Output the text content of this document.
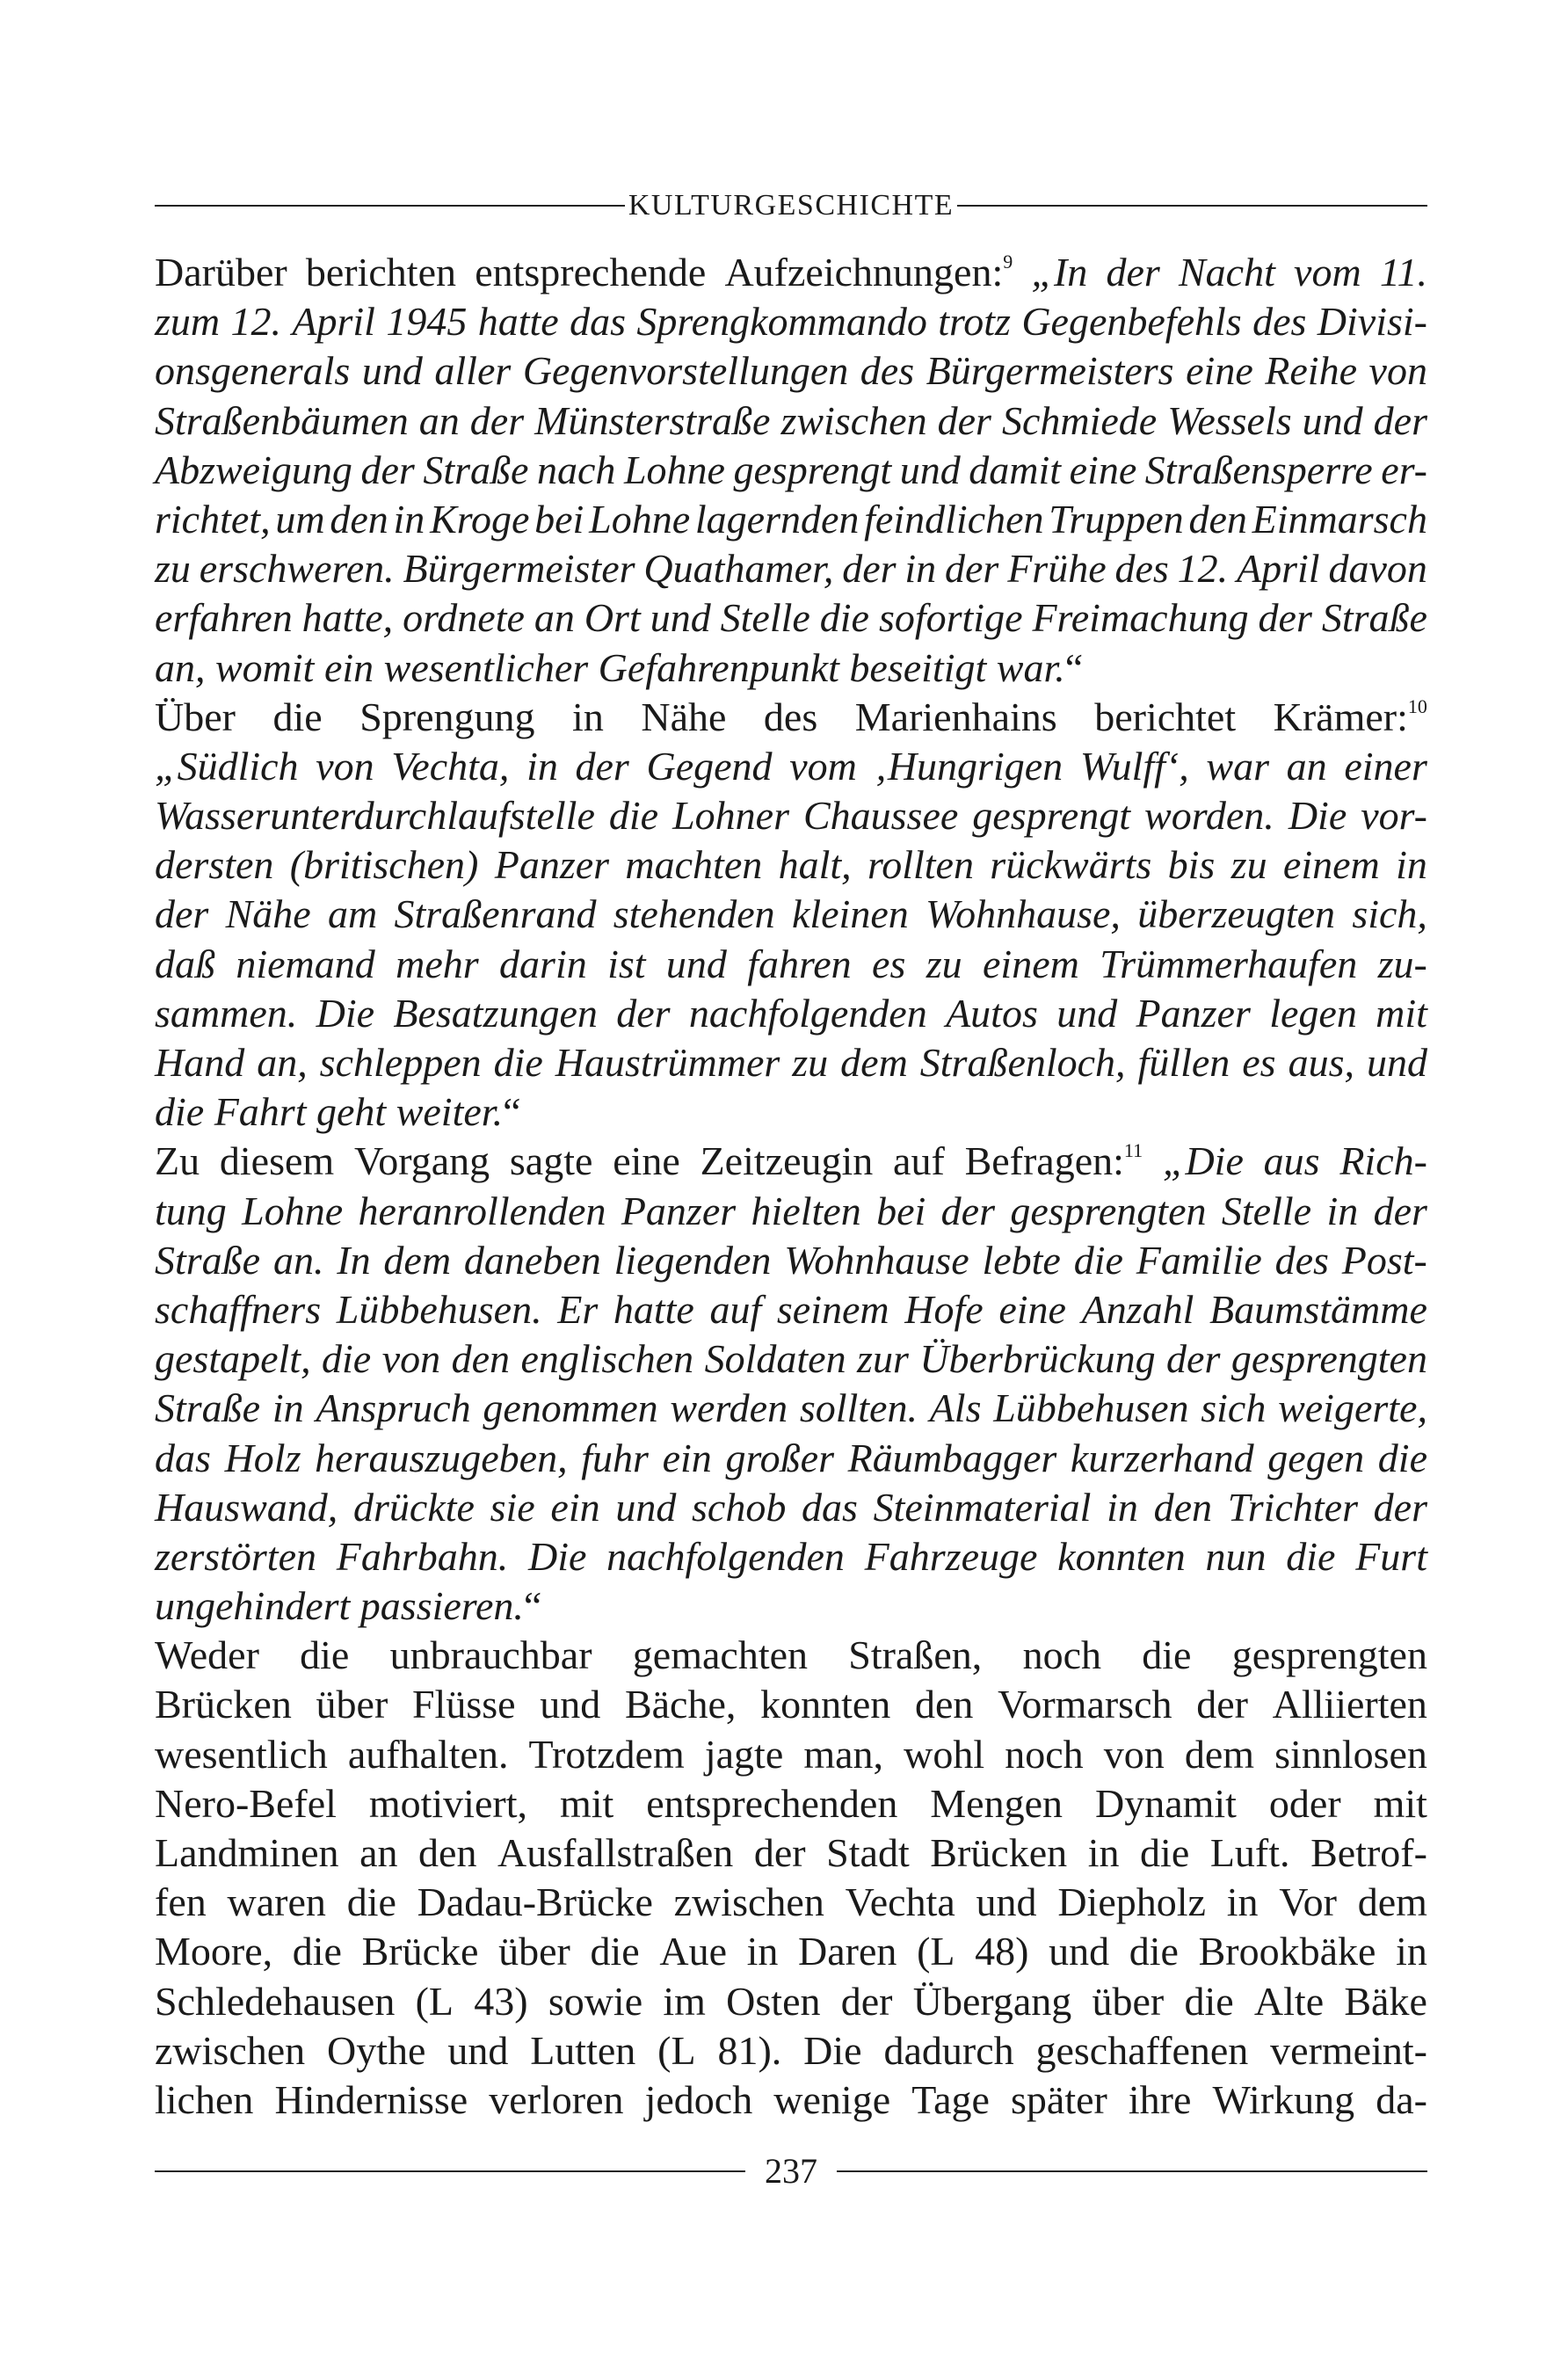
KULTURGESCHICHTE
Darüber berichten entsprechende Aufzeichnungen:$^9$ „In der Nacht vom 11.
zum 12. April 1945 hatte das Sprengkommando trotz Gegenbefehls des Divisi-
onsgenerals und aller Gegenvorstellungen des Bürgermeisters eine Reihe von
Straßenbäumen an der Münsterstraße zwischen der Schmiede Wessels und der
Abzweigung der Straße nach Lohne gesprengt und damit eine Straßensperre er-
richtet, um den in Kroge bei Lohne lagernden feindlichen Truppen den Einmarsch
zu erschweren. Bürgermeister Quathamer, der in der Frühe des 12. April davon
erfahren hatte, ordnete an Ort und Stelle die sofortige Freimachung der Straße
an,
womit
ein
wesentlicher
Gefahrenpunkt
beseitigt
war.“
Über die Sprengung in Nähe des Marienhains berichtet Krämer:$^{10}$
„Südlich von Vechta, in der Gegend vom ‚Hungrigen Wulff‘, war an einer
Wasserunterdurchlaufstelle die Lohner Chaussee gesprengt worden. Die vor-
dersten (britischen) Panzer machten halt, rollten rückwärts bis zu einem in
der Nähe am Straßenrand stehenden kleinen Wohnhause, überzeugten sich,
daß niemand mehr darin ist und fahren es zu einem Trümmerhaufen zu-
sammen. Die Besatzungen der nachfolgenden Autos und Panzer legen mit
Hand an, schleppen die Haustrümmer zu dem Straßenloch, füllen es aus, und
die
Fahrt
geht
weiter.“
Zu diesem Vorgang sagte eine Zeitzeugin auf Befragen:$^{11}$ „Die aus Rich-
tung Lohne heranrollenden Panzer hielten bei der gesprengten Stelle in der
Straße an. In dem daneben liegenden Wohnhause lebte die Familie des Post-
schaffners Lübbehusen. Er hatte auf seinem Hofe eine Anzahl Baumstämme
gestapelt, die von den englischen Soldaten zur Überbrückung der gesprengten
Straße in Anspruch genommen werden sollten. Als Lübbehusen sich weigerte,
das Holz herauszugeben, fuhr ein großer Räumbagger kurzerhand gegen die
Hauswand, drückte sie ein und schob das Steinmaterial in den Trichter der
zerstörten Fahrbahn. Die nachfolgenden Fahrzeuge konnten nun die Furt
ungehindert
passieren.“
Weder die unbrauchbar gemachten Straßen, noch die gesprengten
Brücken über Flüsse und Bäche, konnten den Vormarsch der Alliierten
wesentlich aufhalten. Trotzdem jagte man, wohl noch von dem sinnlosen
Nero-Befel motiviert, mit entsprechenden Mengen Dynamit oder mit
Landminen an den Ausfallstraßen der Stadt Brücken in die Luft. Betrof-
fen waren die Dadau-Brücke zwischen Vechta und Diepholz in Vor dem
Moore, die Brücke über die Aue in Daren (L 48) und die Brookbäke in
Schledehausen (L 43) sowie im Osten der Übergang über die Alte Bäke
zwischen Oythe und Lutten (L 81). Die dadurch geschaffenen vermeint-
lichen Hindernisse verloren jedoch wenige Tage später ihre Wirkung da-
237
